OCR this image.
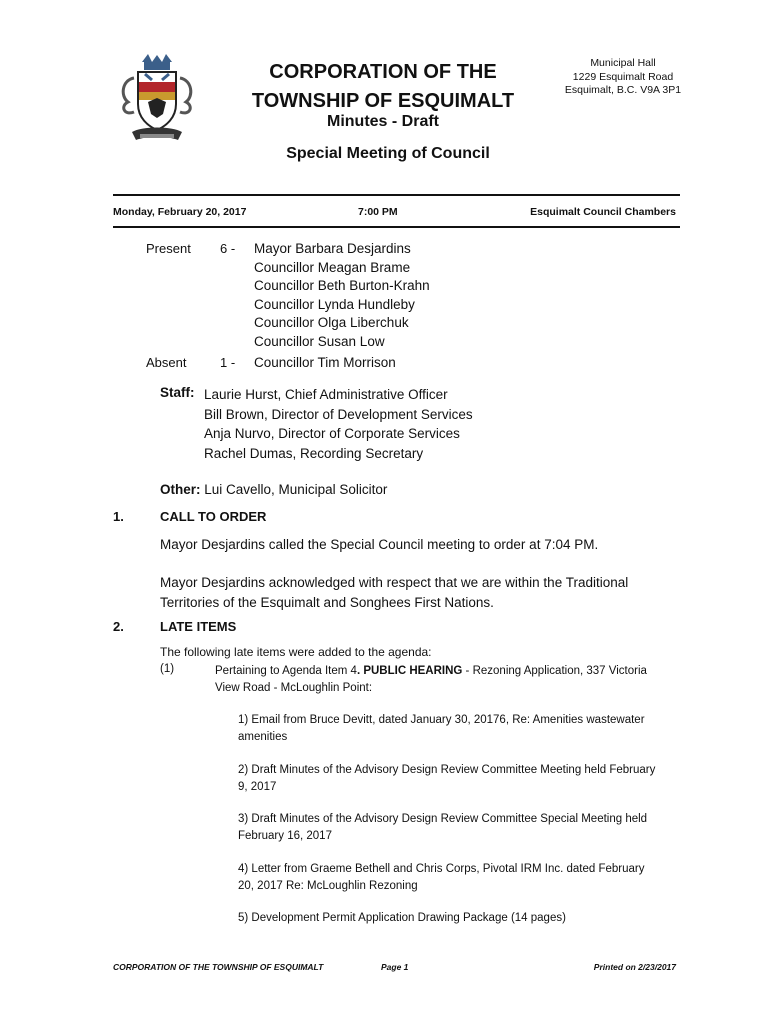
CORPORATION OF THE
TOWNSHIP OF ESQUIMALT
Municipal Hall
1229 Esquimalt Road
Esquimalt, B.C. V9A 3P1
Minutes - Draft
Special Meeting of Council
Monday, February 20, 2017	7:00 PM	Esquimalt Council Chambers
Present 6 - Mayor Barbara Desjardins
Councillor Meagan Brame
Councillor Beth Burton-Krahn
Councillor Lynda Hundleby
Councillor Olga Liberchuk
Councillor Susan Low
Absent	1 - Councillor Tim Morrison
Staff: Laurie Hurst, Chief Administrative Officer
Bill Brown, Director of Development Services
Anja Nurvo, Director of Corporate Services
Rachel Dumas, Recording Secretary
Other: Lui Cavello, Municipal Solicitor
1.	CALL TO ORDER
Mayor Desjardins called the Special Council meeting to order at 7:04 PM.
Mayor Desjardins acknowledged with respect that we are within the Traditional Territories of the Esquimalt and Songhees First Nations.
2.	LATE ITEMS
The following late items were added to the agenda:
(1)	Pertaining to Agenda Item 4. PUBLIC HEARING - Rezoning Application, 337 Victoria View Road - McLoughlin Point:
1) Email from Bruce Devitt, dated January 30, 20176, Re: Amenities wastewater amenities
2) Draft Minutes of the Advisory Design Review Committee Meeting held February 9, 2017
3) Draft Minutes of the Advisory Design Review Committee Special Meeting held February 16, 2017
4) Letter from Graeme Bethell and Chris Corps, Pivotal IRM Inc. dated February 20, 2017 Re: McLoughlin Rezoning
5) Development Permit Application Drawing Package (14 pages)
CORPORATION OF THE TOWNSHIP OF ESQUIMALT	Page 1	Printed on 2/23/2017
